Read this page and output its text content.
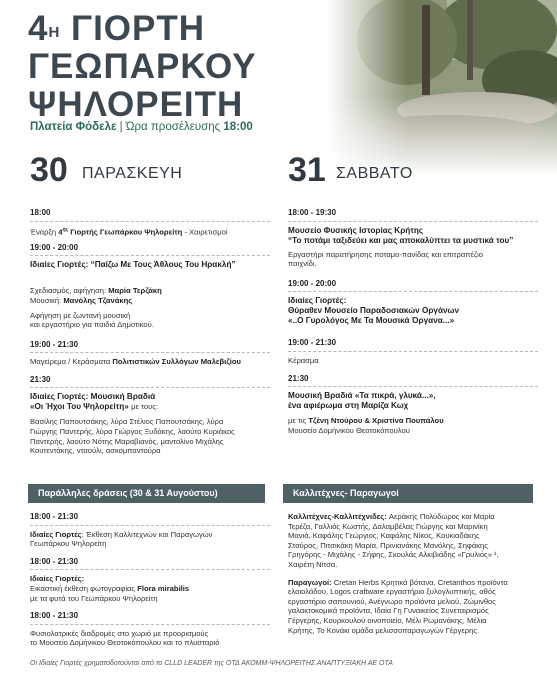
$4^H$ ΓΙΟΡΤΗ
ΓΕΩΠΑΡΚΟΥ
ΨΗΛΟΡΕΙΤΗ
Πλατεία Φόδελε | Ώρα προσέλευσης 18:00
30 ΠΑΡΑΣΚΕΥΗ	31 ΣΑΒΒΑΤΟ
18:00
Έναρξη $4^{\eta\varsigma}$ Γιορτής Γεωπάρκου Ψηλορείτη - Χαιρετισμοί
19:00 - 20:00
Ιδιαίες Γιορτές: “Παίζω Με Τους Άθλους Του Ηρακλή”
Σχεδιασμός, αφήγηση: Μαρία Τερζάκη
Μουσική: Μανόλης Τζανάκης
Αφήγηση με ζωντανή μουσική
και εργαστήριο για παιδιά Δημοτικού.
19:00 - 21:30
Μαγείρεμα / Κεράσματα Πολιτιστικών Συλλόγων Μαλεβιζίου
21:30
Ιδιαίες Γιορτές: Μουσική Βραδιά
«Οι Ήχοι Του Ψηλορείτη» με τους:
Βασίλης Παπουτσάκης, λύρα Στέλιος Παπουτσάκης, λύρα
Γιώργης Παντερής, λύρα Γιώργος Ξυδάκης, λαούτο Κυριάκος
Παντερής, λαούτο Νότης Μαραβιανός, μαντολίνο Μιχάλης
Κουτεντάκης, νταούλι, ασκομπαντούρα
18:00 - 19:30
Μουσείο Φυσικής Ιστορίας Κρήτης
“Το ποτάμι ταξιδεύει και μας αποκαλύπτει τα μυστικά του”
Εργαστήρι παρατήρησης ποταμο-πανίδας και επιτραπέζιο
παιχνίδι.
19:00 - 20:00
Ιδιαίες Γιορτές:
Θύραθεν Μουσείο Παραδοσιακών Οργάνων
«..Ο Γυρολόγος Με Τα Μουσικά Όργανα...»
19:00 - 21:30
Κέρασμα
21:30
Μουσική Βραδιά «Τα πικρά, γλυκά...»,
ένα αφιέρωμα στη Μαρίζα Κωχ
με τις Τζένη Ντούρου & Χριστίνα Πουπάλου
Μουσείο Δομήνικου Θεοτοκόπουλου
Παράλληλες δράσεις (30 & 31 Αυγούστου)	Καλλιτέχνες- Παραγωγοί
18:00 - 21:30
Ιδιαίες Γιορτές: Έκθεση Καλλιτεχνών και Παραγωγών
Γεωπάρκου Ψηλορείτη
18:00 - 21:30
Ιδιαίες Γιορτές:
Εικαστική έκθεση φωτογραφίας Flora mirabilis
με τα φυτά του Γεωπάρκου Ψηλορείτη
18:00 - 21:30
Φυσιολατρικές διαδρομές στο χωριό με προορισμούς
το Μουσείο Δομήνικου Θεοτοκόπουλου και το πλυσταριό
Καλλιτέχνες-Καλλιτέχνιδες: Αεράκης Πολύδωρος και Μαρία
Τερέζα, Γαλλιός Κωστής, Δαλαμβέλας Γιώργης και Μαρινίκη
Μανιά, Καφάλης Γεώργιος, Καφάλης Νίκος, Κουκιαδάκης
Σταύρος, Πιτσικάκη Μαρία, Πρινιανάκης Μανόλης, Σηφάκης
Γρηγόρης - Μιχάλης - Σήφης, Σκουλάς Αλκιβιάδης «Γρυλιός» ¹,
Χαιρέτη Νίτσα.
Παραγωγοί: Cretan Herbs Κρητικά βότανα, Cretanthos προϊόντα
ελαιολάδου, Logos craftware εργαστήριο ξυλογλυπτικής, αθός
εργαστήριο σαπουνιού, Ανέγνωρο προϊόντα μελιού, Ζώμινθος
γαλακτοκομικά προϊόντα, Ιδαία Γη Γυναικείος Συνεταιρισμός
Γέργερης, Κουρκουλού οινοποιείο, Μέλι Ρωμανάκης, Μέλια
Κρήτης, Το Κονάκι ομάδα μελισσοπαραγωγών Γέργερης.
Οι Ιδιαίες Γιορτές χρηματοδοτούνται από το CLLD LEADER της ΟΤΔ ΑΚΟΜΜ-ΨΗΛΟΡΕΙΤΗΣ ΑΝΑΠΤΥΞΙΑΚΗ ΑΕ ΟΤΑ
